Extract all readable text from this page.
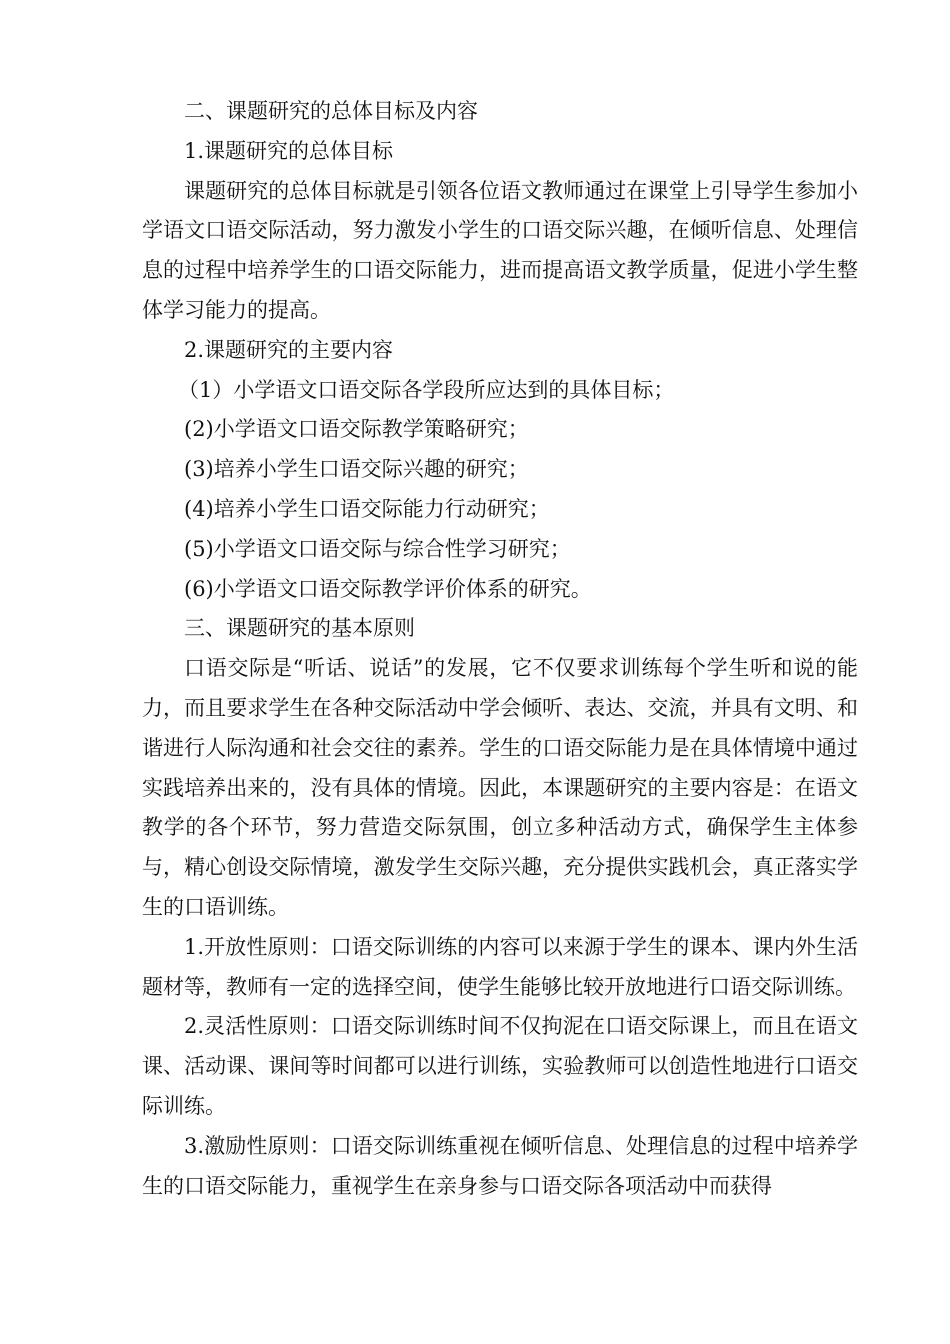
二、课题研究的总体目标及内容

1.课题研究的总体目标

课题研究的总体目标就是引领各位语文教师通过在课堂上引导学生参加小学语文口语交际活动，努力激发小学生的口语交际兴趣，在倾听信息、处理信息的过程中培养学生的口语交际能力，进而提高语文教学质量，促进小学生整体学习能力的提高。

2.课题研究的主要内容

（1）小学语文口语交际各学段所应达到的具体目标；

(2)小学语文口语交际教学策略研究；

(3)培养小学生口语交际兴趣的研究；

(4)培养小学生口语交际能力行动研究；

(5)小学语文口语交际与综合性学习研究；

(6)小学语文口语交际教学评价体系的研究。

三、课题研究的基本原则

口语交际是“听话、说话”的发展，它不仅要求训练每个学生听和说的能力，而且要求学生在各种交际活动中学会倾听、表达、交流，并具有文明、和谐进行人际沟通和社会交往的素养。学生的口语交际能力是在具体情境中通过实践培养出来的，没有具体的情境。因此，本课题研究的主要内容是：在语文教学的各个环节，努力营造交际氛围，创立多种活动方式，确保学生主体参与，精心创设交际情境，激发学生交际兴趣，充分提供实践机会，真正落实学生的口语训练。

1.开放性原则：口语交际训练的内容可以来源于学生的课本、课内外生活题材等，教师有一定的选择空间，使学生能够比较开放地进行口语交际训练。

2.灵活性原则：口语交际训练时间不仅拘泥在口语交际课上，而且在语文课、活动课、课间等时间都可以进行训练，实验教师可以创造性地进行口语交际训练。

3.激励性原则：口语交际训练重视在倾听信息、处理信息的过程中培养学生的口语交际能力，重视学生在亲身参与口语交际各项活动中而获得
